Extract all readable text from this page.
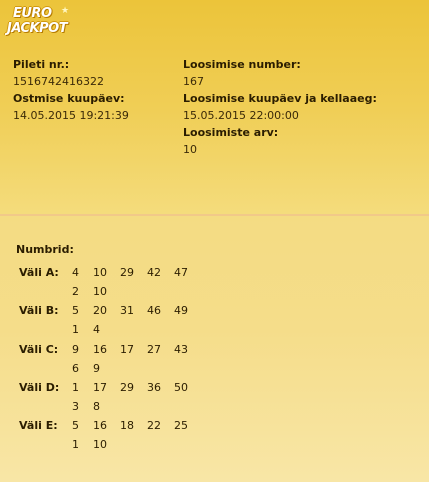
EURO ★
JACKPOT
Pileti nr.:
1516742416322
Ostmise kuupäev:
14.05.2015 19:21:39
Loosimise number:
167
Loosimise kuupäev ja kellaaeg:
15.05.2015 22:00:00
Loosimiste arv:
10
Numbrid:
Väli A: 4 10 29 42 47
2 10
Väli B: 5 20 31 46 49
1 4
Väli C: 9 16 17 27 43
6 9
Väli D: 1 17 29 36 50
3 8
Väli E: 5 16 18 22 25
1 10
